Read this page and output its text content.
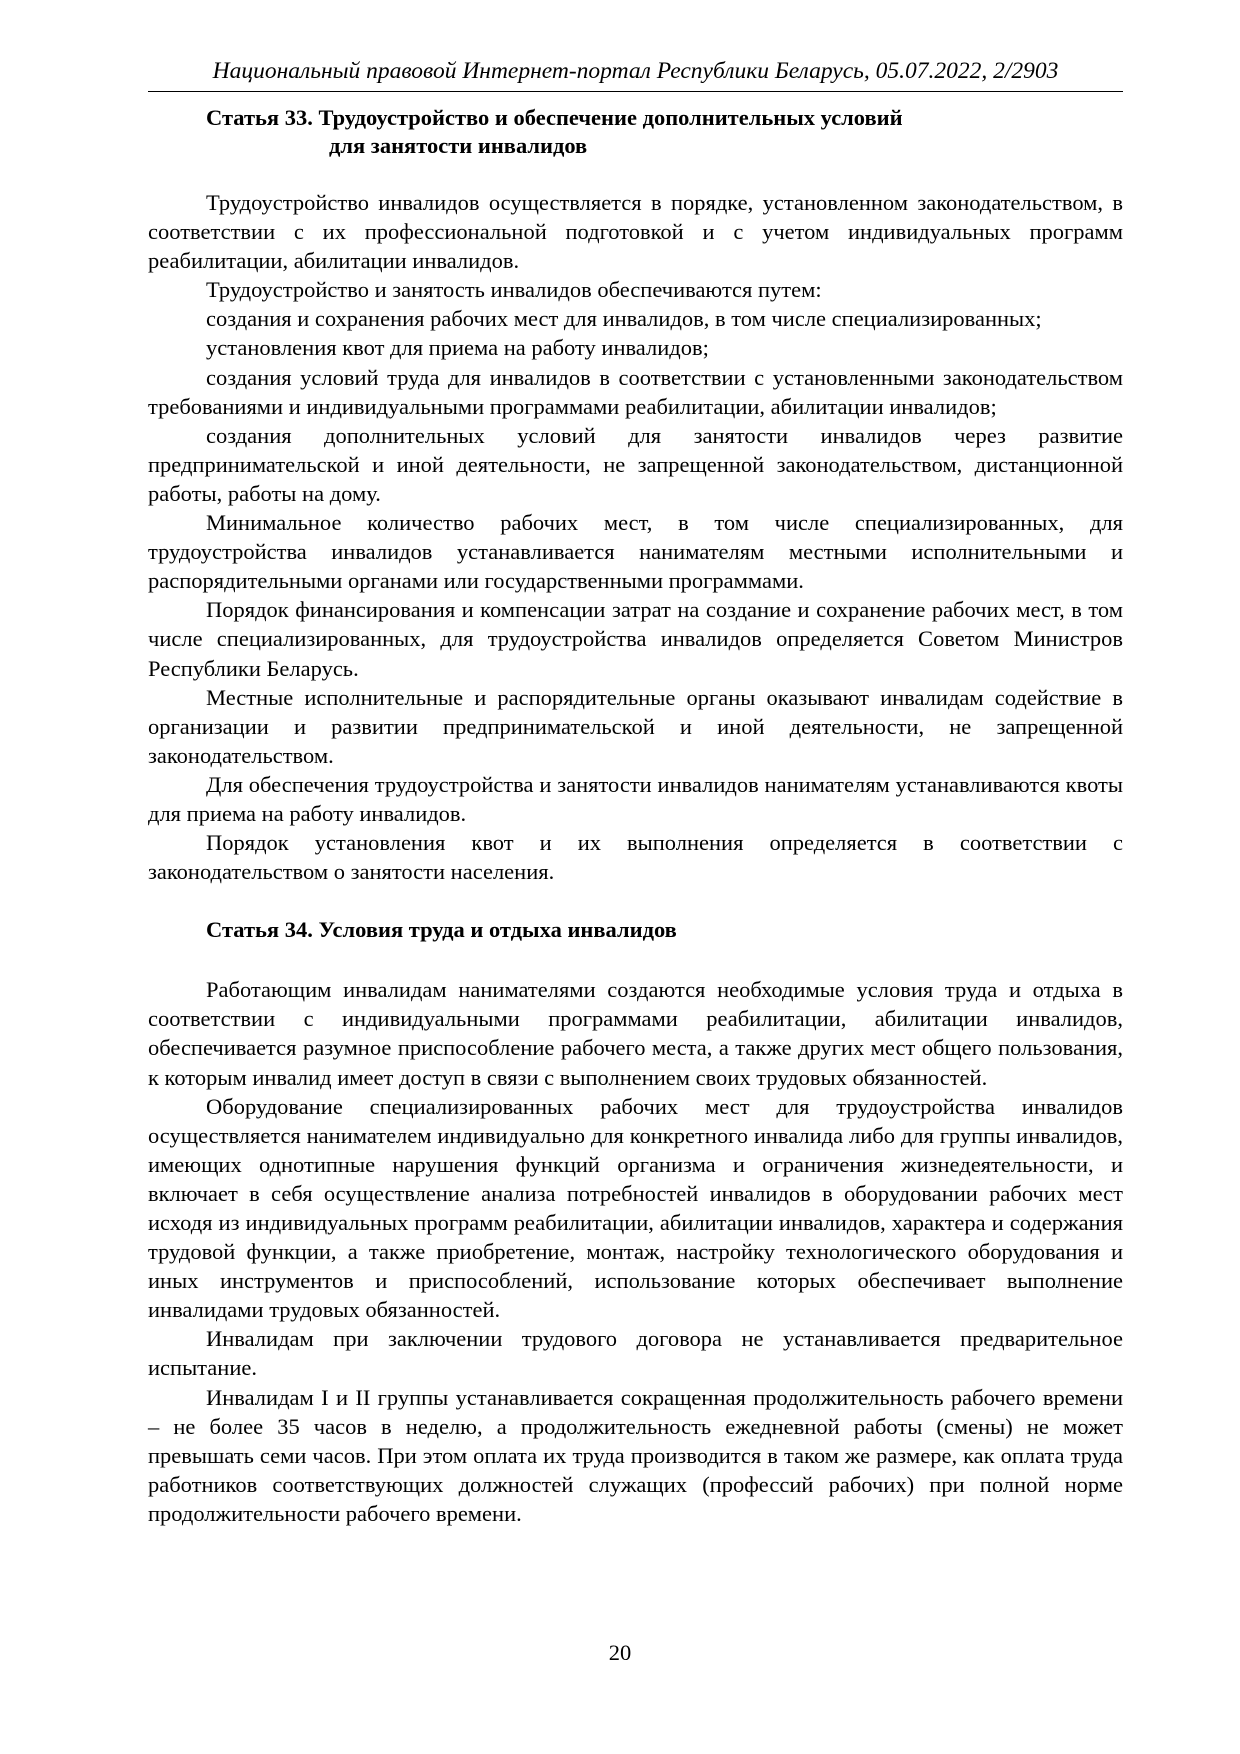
Национальный правовой Интернет-портал Республики Беларусь, 05.07.2022, 2/2903
Статья 33. Трудоустройство и обеспечение дополнительных условий
для занятости инвалидов

Трудоустройство инвалидов осуществляется в порядке, установленном законодательством, в соответствии с их профессиональной подготовкой и с учетом индивидуальных программ реабилитации, абилитации инвалидов.

Трудоустройство и занятость инвалидов обеспечиваются путем:

создания и сохранения рабочих мест для инвалидов, в том числе специализированных;

установления квот для приема на работу инвалидов;

создания условий труда для инвалидов в соответствии с установленными законодательством требованиями и индивидуальными программами реабилитации, абилитации инвалидов;

создания дополнительных условий для занятости инвалидов через развитие предпринимательской и иной деятельности, не запрещенной законодательством, дистанционной работы, работы на дому.

Минимальное количество рабочих мест, в том числе специализированных, для трудоустройства инвалидов устанавливается нанимателям местными исполнительными и распорядительными органами или государственными программами.

Порядок финансирования и компенсации затрат на создание и сохранение рабочих мест, в том числе специализированных, для трудоустройства инвалидов определяется Советом Министров Республики Беларусь.

Местные исполнительные и распорядительные органы оказывают инвалидам содействие в организации и развитии предпринимательской и иной деятельности, не запрещенной законодательством.

Для обеспечения трудоустройства и занятости инвалидов нанимателям устанавливаются квоты для приема на работу инвалидов.

Порядок установления квот и их выполнения определяется в соответствии с законодательством о занятости населения.

Статья 34. Условия труда и отдыха инвалидов

Работающим инвалидам нанимателями создаются необходимые условия труда и отдыха в соответствии с индивидуальными программами реабилитации, абилитации инвалидов, обеспечивается разумное приспособление рабочего места, а также других мест общего пользования, к которым инвалид имеет доступ в связи с выполнением своих трудовых обязанностей.

Оборудование специализированных рабочих мест для трудоустройства инвалидов осуществляется нанимателем индивидуально для конкретного инвалида либо для группы инвалидов, имеющих однотипные нарушения функций организма и ограничения жизнедеятельности, и включает в себя осуществление анализа потребностей инвалидов в оборудовании рабочих мест исходя из индивидуальных программ реабилитации, абилитации инвалидов, характера и содержания трудовой функции, а также приобретение, монтаж, настройку технологического оборудования и иных инструментов и приспособлений, использование которых обеспечивает выполнение инвалидами трудовых обязанностей.

Инвалидам при заключении трудового договора не устанавливается предварительное испытание.

Инвалидам I и II группы устанавливается сокращенная продолжительность рабочего времени – не более 35 часов в неделю, а продолжительность ежедневной работы (смены) не может превышать семи часов. При этом оплата их труда производится в таком же размере, как оплата труда работников соответствующих должностей служащих (профессий рабочих) при полной норме продолжительности рабочего времени.

20
